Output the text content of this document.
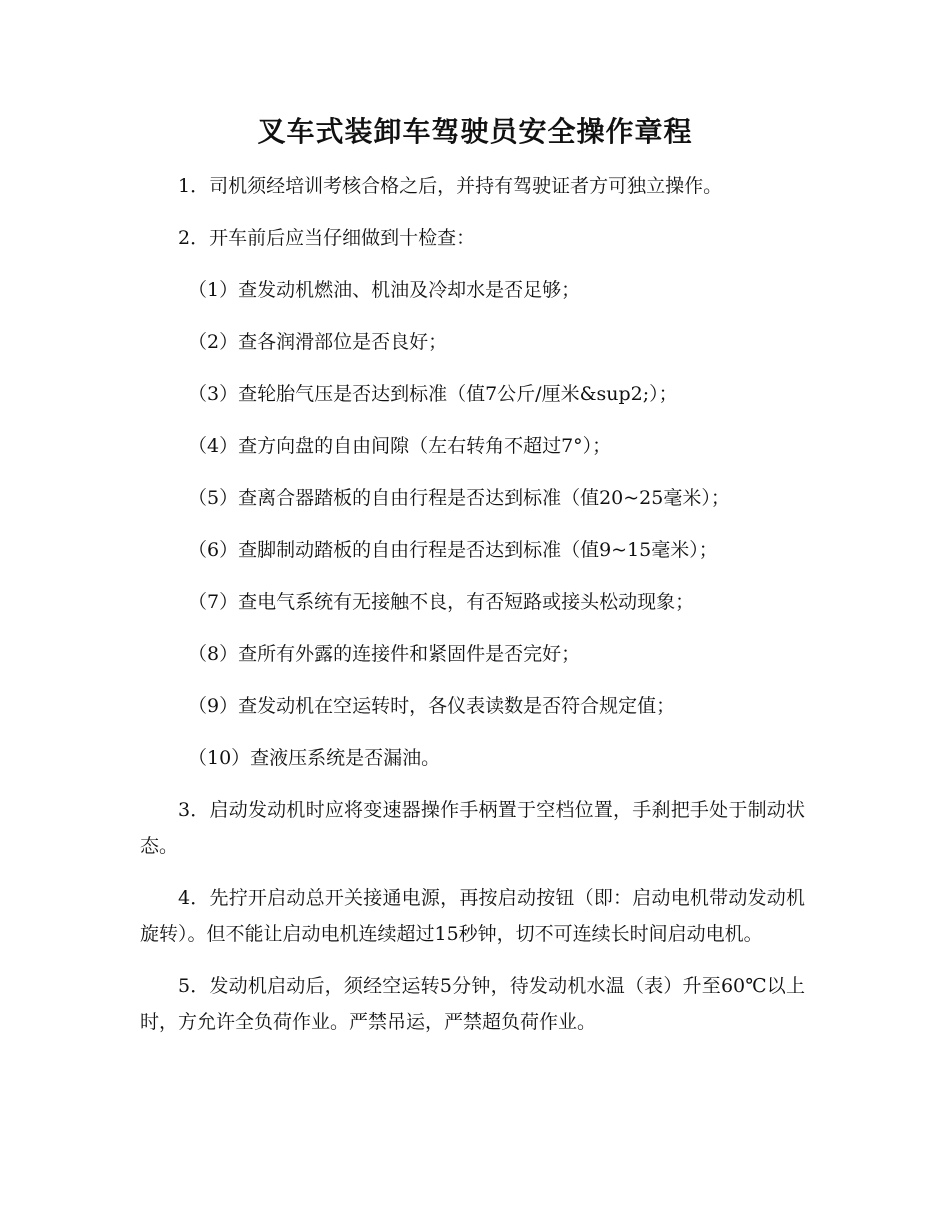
叉车式装卸车驾驶员安全操作章程

1．司机须经培训考核合格之后，并持有驾驶证者方可独立操作。

2．开车前后应当仔细做到十检查：

（1）查发动机燃油、机油及冷却水是否足够；

（2）查各润滑部位是否良好；

（3）查轮胎气压是否达到标准（值7公斤/厘米&sup2;）；

（4）查方向盘的自由间隙（左右转角不超过7°）；

（5）查离合器踏板的自由行程是否达到标准（值20~25毫米）；

（6）查脚制动踏板的自由行程是否达到标准（值9~15毫米）；

（7）查电气系统有无接触不良，有否短路或接头松动现象；

（8）查所有外露的连接件和紧固件是否完好；

（9）查发动机在空运转时，各仪表读数是否符合规定值；

（10）查液压系统是否漏油。

3．启动发动机时应将变速器操作手柄置于空档位置，手刹把手处于制动状态。

4．先拧开启动总开关接通电源，再按启动按钮（即：启动电机带动发动机旋转）。但不能让启动电机连续超过15秒钟，切不可连续长时间启动电机。

5．发动机启动后，须经空运转5分钟，待发动机水温（表）升至60℃以上时，方允许全负荷作业。严禁吊运，严禁超负荷作业。
